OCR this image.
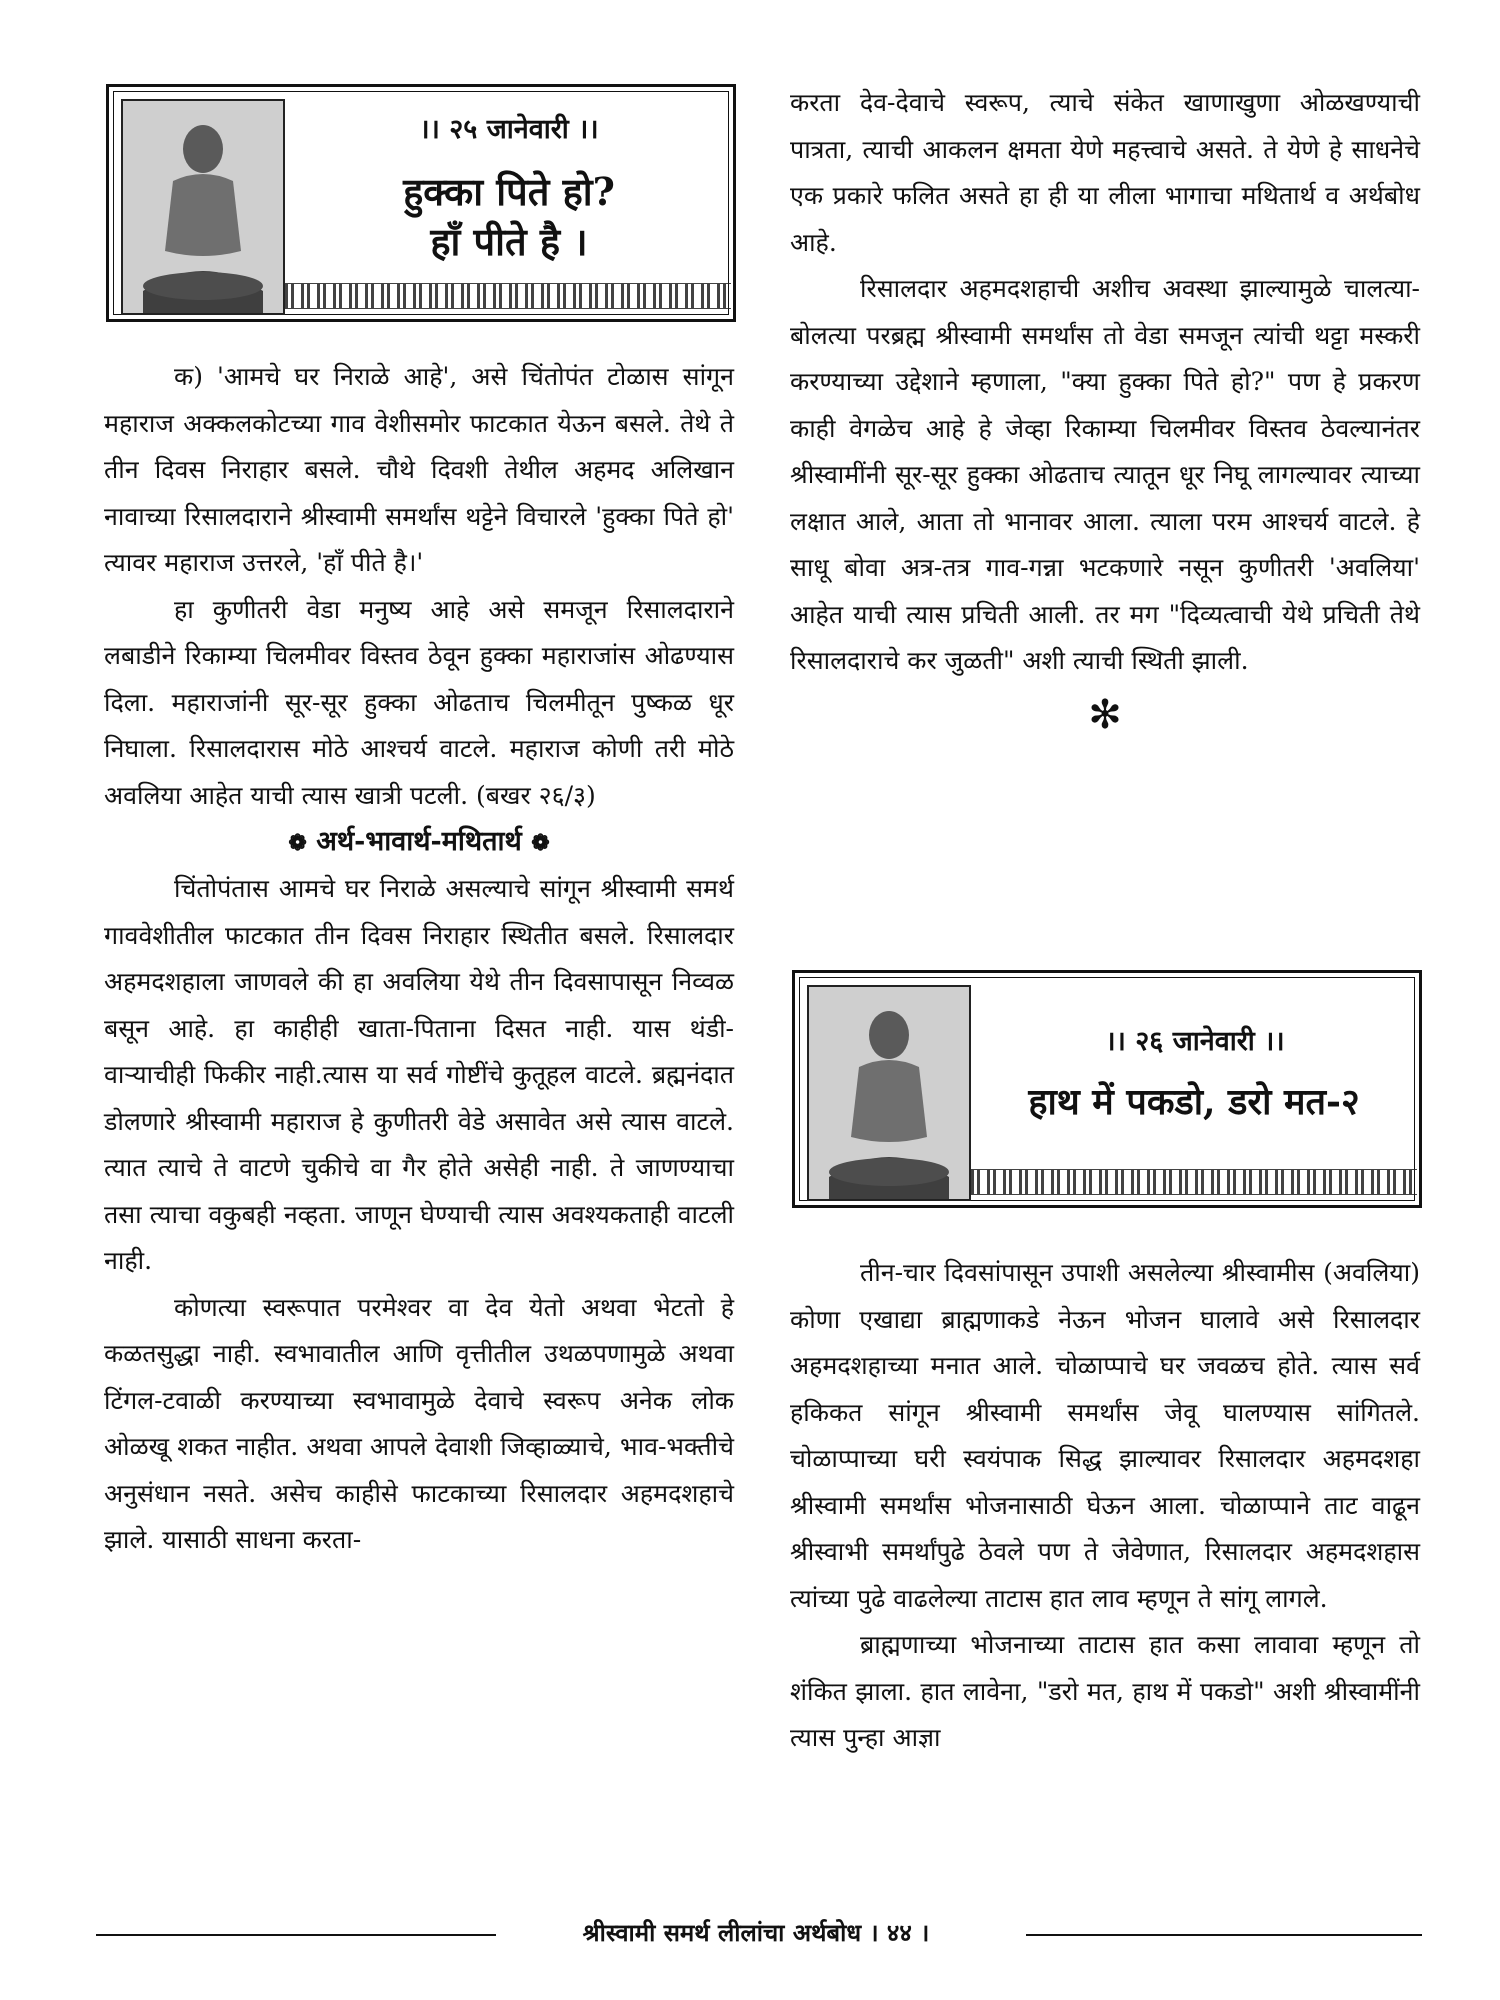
।। २५ जानेवारी ।।
हुक्का पिते हो?
हाँ पीते है ।

क) 'आमचे घर निराळे आहे', असे चिंतोपंत टोळास सांगून महाराज अक्कलकोटच्या गाव वेशीसमोर फाटकात येऊन बसले. तेथे ते तीन दिवस निराहार बसले. चौथे दिवशी तेथील अहमद अलिखान नावाच्या रिसालदाराने श्रीस्वामी समर्थांस थट्टेने विचारले 'हुक्का पिते हो' त्यावर महाराज उत्तरले, 'हाँ पीते है।'

हा कुणीतरी वेडा मनुष्य आहे असे समजून रिसालदाराने लबाडीने रिकाम्या चिलमीवर विस्तव ठेवून हुक्का महाराजांस ओढण्यास दिला. महाराजांनी सूर-सूर हुक्का ओढताच चिलमीतून पुष्कळ धूर निघाला. रिसालदारास मोठे आश्चर्य वाटले. महाराज कोणी तरी मोठे अवलिया आहेत याची त्यास खात्री पटली. (बखर २६/३)

❁ अर्थ-भावार्थ-मथितार्थ ❁

चिंतोपंतास आमचे घर निराळे असल्याचे सांगून श्रीस्वामी समर्थ गाववेशीतील फाटकात तीन दिवस निराहार स्थितीत बसले. रिसालदार अहमदशहाला जाणवले की हा अवलिया येथे तीन दिवसापासून निव्वळ बसून आहे. हा काहीही खाता-पिताना दिसत नाही. यास थंडी-वाऱ्याचीही फिकीर नाही.त्यास या सर्व गोष्टींचे कुतूहल वाटले. ब्रह्मनंदात डोलणारे श्रीस्वामी महाराज हे कुणीतरी वेडे असावेत असे त्यास वाटले. त्यात त्याचे ते वाटणे चुकीचे वा गैर होते असेही नाही. ते जाणण्याचा तसा त्याचा वकुबही नव्हता. जाणून घेण्याची त्यास अवश्यकताही वाटली नाही.

कोणत्या स्वरूपात परमेश्वर वा देव येतो अथवा भेटतो हे कळतसुद्धा नाही. स्वभावातील आणि वृत्तीतील उथळपणामुळे अथवा टिंगल-टवाळी करण्याच्या स्वभावामुळे देवाचे स्वरूप अनेक लोक ओळखू शकत नाहीत. अथवा आपले देवाशी जिव्हाळ्याचे, भाव-भक्तीचे अनुसंधान नसते. असेच काहीसे फाटकाच्या रिसालदार अहमदशहाचे झाले. यासाठी साधना करता-

करता देव-देवाचे स्वरूप, त्याचे संकेत खाणाखुणा ओळखण्याची पात्रता, त्याची आकलन क्षमता येणे महत्त्वाचे असते. ते येणे हे साधनेचे एक प्रकारे फलित असते हा ही या लीला भागाचा मथितार्थ व अर्थबोध आहे.

रिसालदार अहमदशहाची अशीच अवस्था झाल्यामुळे चालत्या-बोलत्या परब्रह्म श्रीस्वामी समर्थांस तो वेडा समजून त्यांची थट्टा मस्करी करण्याच्या उद्देशाने म्हणाला, "क्या हुक्का पिते हो?" पण हे प्रकरण काही वेगळेच आहे हे जेव्हा रिकाम्या चिलमीवर विस्तव ठेवल्यानंतर श्रीस्वामींनी सूर-सूर हुक्का ओढताच त्यातून धूर निघू लागल्यावर त्याच्या लक्षात आले, आता तो भानावर आला. त्याला परम आश्चर्य वाटले. हे साधू बोवा अत्र-तत्र गाव-गन्ना भटकणारे नसून कुणीतरी 'अवलिया' आहेत याची त्यास प्रचिती आली. तर मग "दिव्यत्वाची येथे प्रचिती तेथे रिसालदाराचे कर जुळती" अशी त्याची स्थिती झाली.

✻
।। २६ जानेवारी ।।
हाथ में पकडो, डरो मत-२

तीन-चार दिवसांपासून उपाशी असलेल्या श्रीस्वामीस (अवलिया) कोणा एखाद्या ब्राह्मणाकडे नेऊन भोजन घालावे असे रिसालदार अहमदशहाच्या मनात आले. चोळाप्पाचे घर जवळच होते. त्यास सर्व हकिकत सांगून श्रीस्वामी समर्थांस जेवू घालण्यास सांगितले. चोळाप्पाच्या घरी स्वयंपाक सिद्ध झाल्यावर रिसालदार अहमदशहा श्रीस्वामी समर्थांस भोजनासाठी घेऊन आला. चोळाप्पाने ताट वाढून श्रीस्वाभी समर्थांपुढे ठेवले पण ते जेवेणात, रिसालदार अहमदशहास त्यांच्या पुढे वाढलेल्या ताटास हात लाव म्हणून ते सांगू लागले.

ब्राह्मणाच्या भोजनाच्या ताटास हात कसा लावावा म्हणून तो शंकित झाला. हात लावेना, "डरो मत, हाथ में पकडो" अशी श्रीस्वामींनी त्यास पुन्हा आज्ञा

श्रीस्वामी समर्थ लीलांचा अर्थबोध । ४४ ।
